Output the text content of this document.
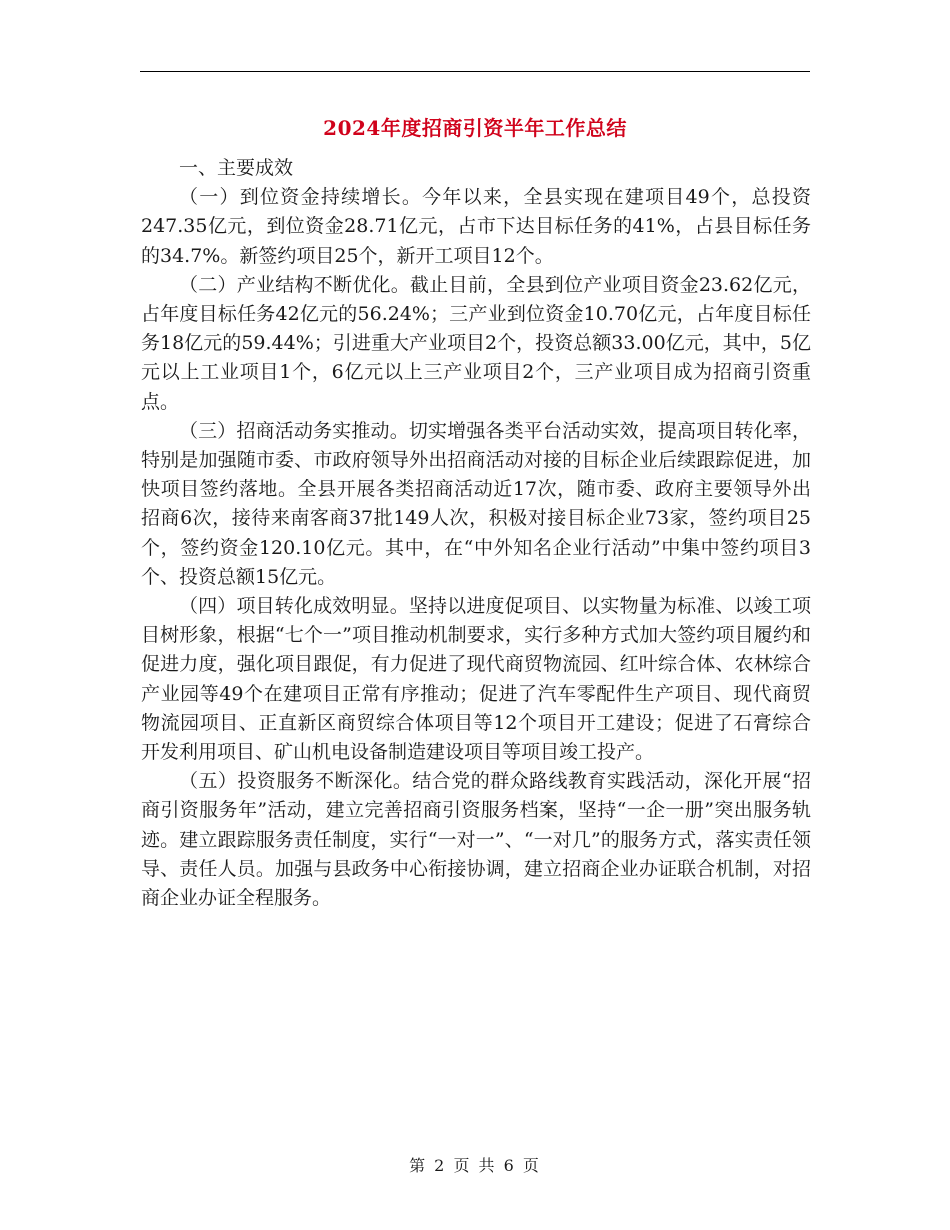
2024年度招商引资半年工作总结

一、主要成效

（一）到位资金持续增长。今年以来，全县实现在建项目49个，总投资247.35亿元，到位资金28.71亿元，占市下达目标任务的41%，占县目标任务的34.7%。新签约项目25个，新开工项目12个。

（二）产业结构不断优化。截止目前，全县到位产业项目资金23.62亿元，占年度目标任务42亿元的56.24%；三产业到位资金10.70亿元，占年度目标任务18亿元的59.44%；引进重大产业项目2个，投资总额33.00亿元，其中，5亿元以上工业项目1个，6亿元以上三产业项目2个，三产业项目成为招商引资重点。

（三）招商活动务实推动。切实增强各类平台活动实效，提高项目转化率，特别是加强随市委、市政府领导外出招商活动对接的目标企业后续跟踪促进，加快项目签约落地。全县开展各类招商活动近17次，随市委、政府主要领导外出招商6次，接待来南客商37批149人次，积极对接目标企业73家，签约项目25个，签约资金120.10亿元。其中，在“中外知名企业行活动”中集中签约项目3个、投资总额15亿元。

（四）项目转化成效明显。坚持以进度促项目、以实物量为标准、以竣工项目树形象，根据“七个一”项目推动机制要求，实行多种方式加大签约项目履约和促进力度，强化项目跟促，有力促进了现代商贸物流园、红叶综合体、农林综合产业园等49个在建项目正常有序推动；促进了汽车零配件生产项目、现代商贸物流园项目、正直新区商贸综合体项目等12个项目开工建设；促进了石膏综合开发利用项目、矿山机电设备制造建设项目等项目竣工投产。

（五）投资服务不断深化。结合党的群众路线教育实践活动，深化开展“招商引资服务年”活动，建立完善招商引资服务档案，坚持“一企一册”突出服务轨迹。建立跟踪服务责任制度，实行“一对一”、“一对几”的服务方式，落实责任领导、责任人员。加强与县政务中心衔接协调，建立招商企业办证联合机制，对招商企业办证全程服务。

第 2 页 共 6 页
